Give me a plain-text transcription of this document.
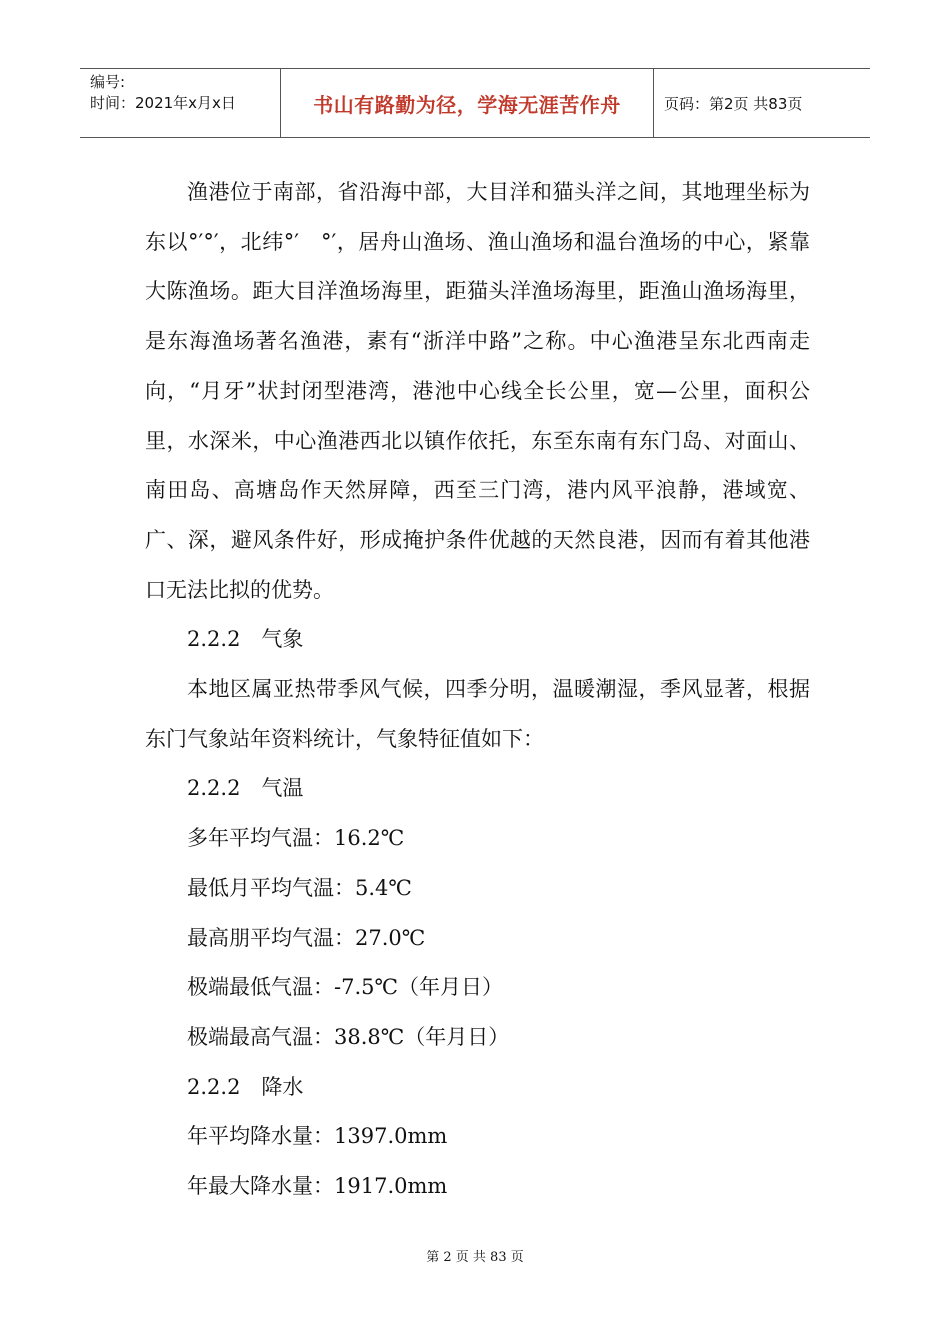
编号:
时间：2021年x月x日	书山有路勤为径，学海无涯苦作舟	页码：第2页 共83页

渔港位于南部，省沿海中部，大目洋和猫头洋之间，其地理坐标为东以°′°′，北纬°′　°′，居舟山渔场、渔山渔场和温台渔场的中心，紧靠大陈渔场。距大目洋渔场海里，距猫头洋渔场海里，距渔山渔场海里，是东海渔场著名渔港，素有“浙洋中路”之称。中心渔港呈东北西南走向，“月牙”状封闭型港湾，港池中心线全长公里，宽—公里，面积公里，水深米，中心渔港西北以镇作依托，东至东南有东门岛、对面山、南田岛、高塘岛作天然屏障，西至三门湾，港内风平浪静，港域宽、广、深，避风条件好，形成掩护条件优越的天然良港，因而有着其他港口无法比拟的优势。

2.2.2　气象

本地区属亚热带季风气候，四季分明，温暖潮湿，季风显著，根据东门气象站年资料统计，气象特征值如下：

2.2.2　气温

多年平均气温：16.2℃

最低月平均气温：5.4℃

最高朋平均气温：27.0℃

极端最低气温：-7.5℃（年月日）

极端最高气温：38.8℃（年月日）

2.2.2　降水

年平均降水量：1397.0mm

年最大降水量：1917.0mm

第 2 页 共 83 页
